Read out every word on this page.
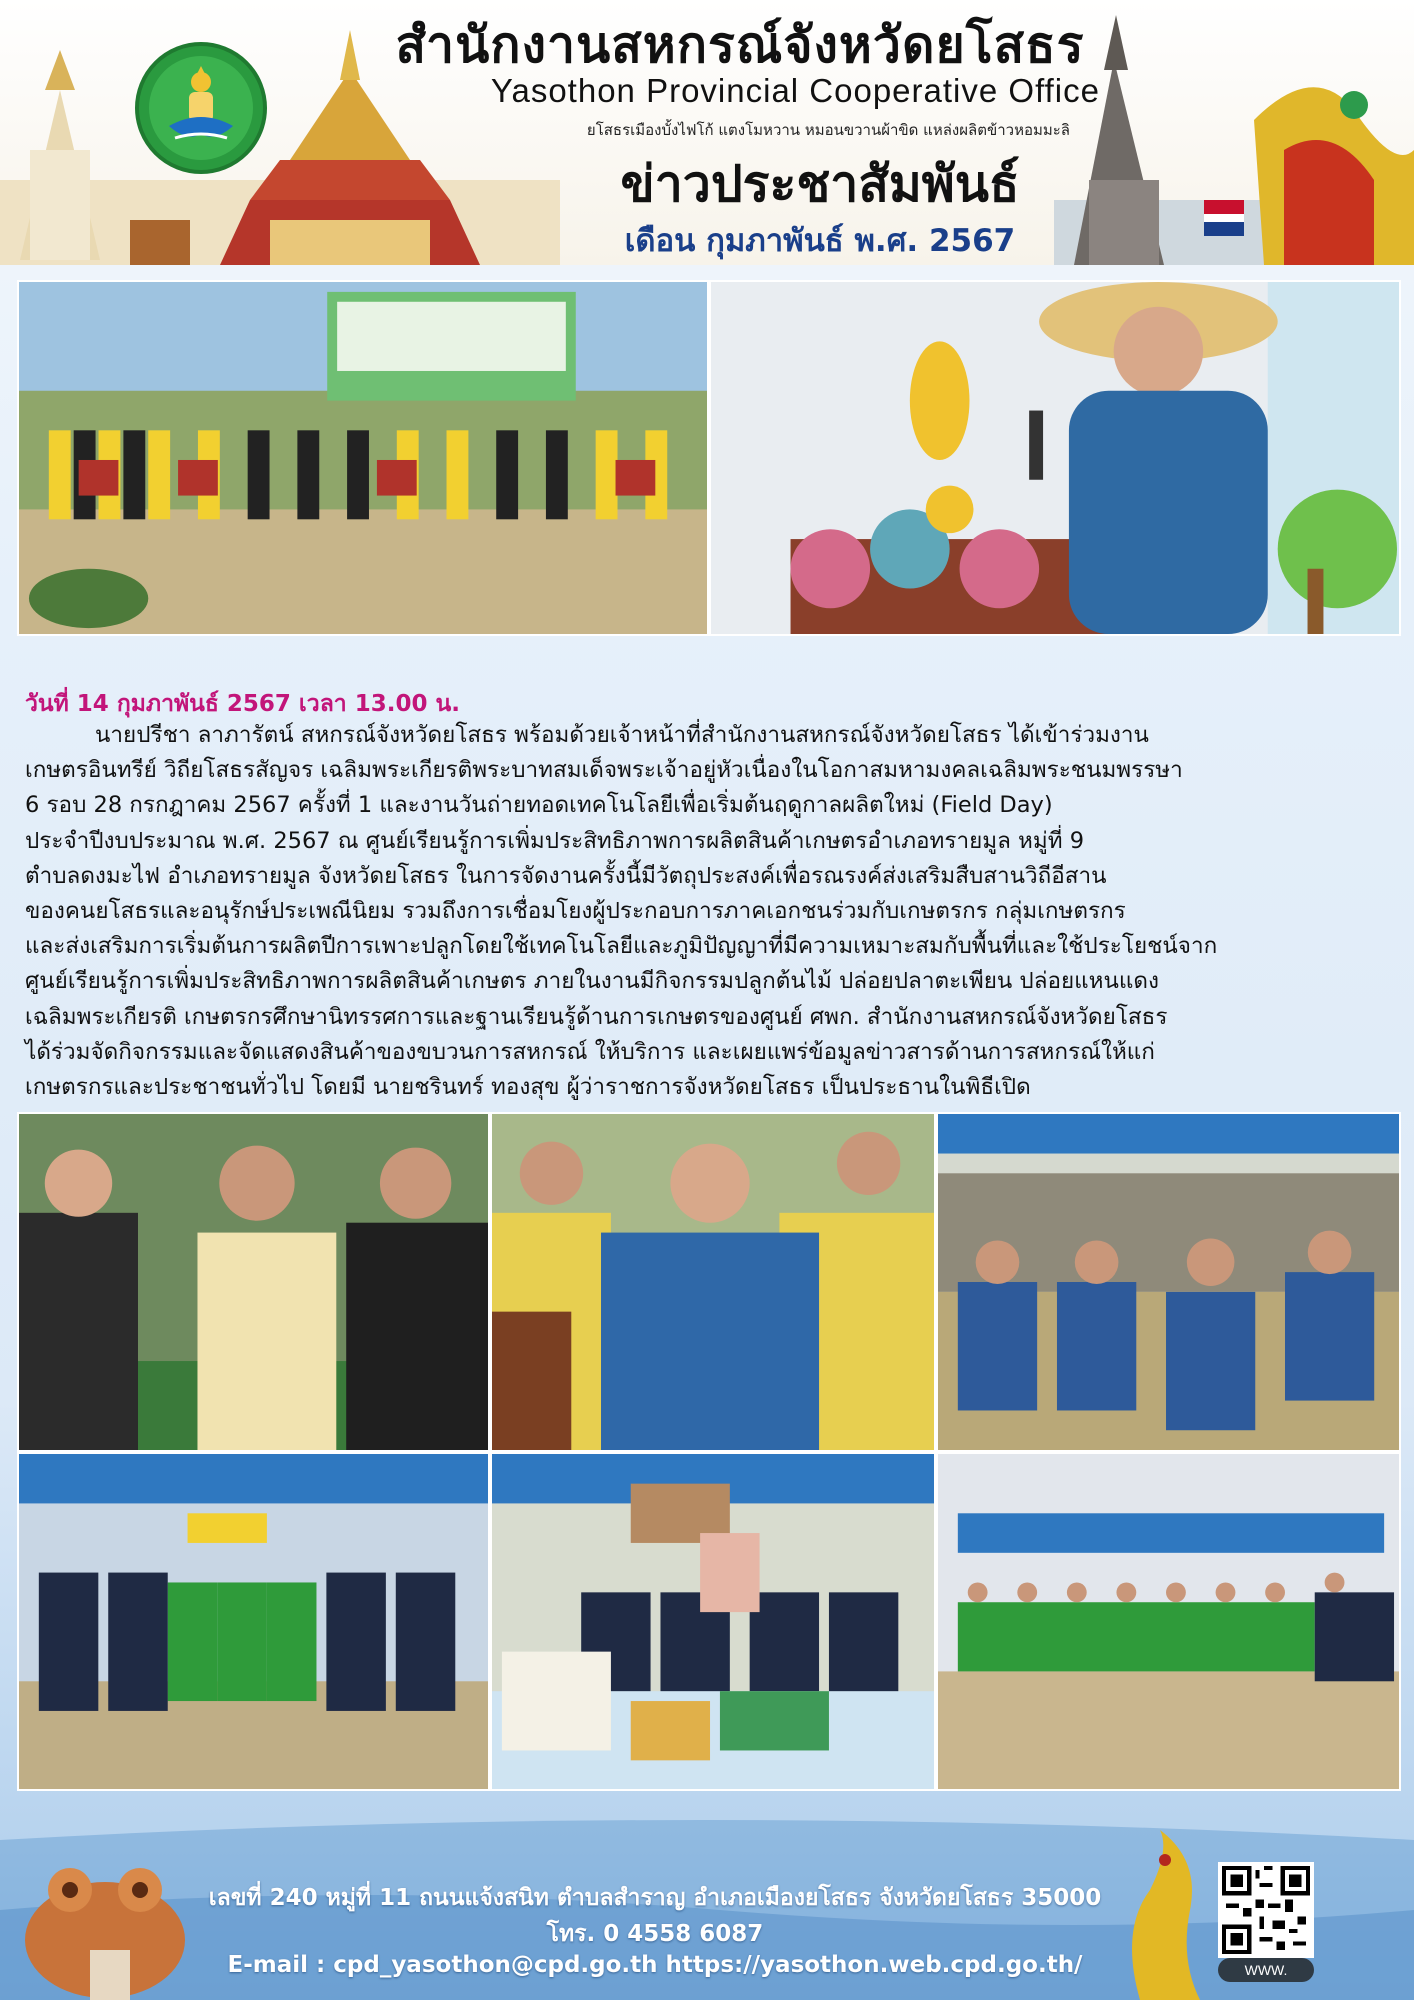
สำนักงานสหกรณ์จังหวัดยโสธร
Yasothon Provincial Cooperative Office
ยโสธรเมืองบั้งไฟโก้ แตงโมหวาน หมอนขวานผ้าขิด แหล่งผลิตข้าวหอมมะลิ
ข่าวประชาสัมพันธ์
เดือน กุมภาพันธ์ พ.ศ. 2567
วันที่ 14 กุมภาพันธ์ 2567 เวลา 13.00 น.

นายปรีชา ลาภารัตน์ สหกรณ์จังหวัดยโสธร พร้อมด้วยเจ้าหน้าที่สำนักงานสหกรณ์จังหวัดยโสธร ได้เข้าร่วมงาน

เกษตรอินทรีย์ วิถียโสธรสัญจร เฉลิมพระเกียรติพระบาทสมเด็จพระเจ้าอยู่หัวเนื่องในโอกาสมหามงคลเฉลิมพระชนมพรรษา

6 รอบ 28 กรกฎาคม 2567 ครั้งที่ 1 และงานวันถ่ายทอดเทคโนโลยีเพื่อเริ่มต้นฤดูกาลผลิตใหม่ (Field Day)

ประจำปีงบประมาณ พ.ศ. 2567 ณ ศูนย์เรียนรู้การเพิ่มประสิทธิภาพการผลิตสินค้าเกษตรอำเภอทรายมูล หมู่ที่ 9

ตำบลดงมะไฟ อำเภอทรายมูล จังหวัดยโสธร ในการจัดงานครั้งนี้มีวัตถุประสงค์เพื่อรณรงค์ส่งเสริมสืบสานวิถีอีสาน

ของคนยโสธรและอนุรักษ์ประเพณีนิยม รวมถึงการเชื่อมโยงผู้ประกอบการภาคเอกชนร่วมกับเกษตรกร กลุ่มเกษตรกร

และส่งเสริมการเริ่มต้นการผลิตปีการเพาะปลูกโดยใช้เทคโนโลยีและภูมิปัญญาที่มีความเหมาะสมกับพื้นที่และใช้ประโยชน์จาก

ศูนย์เรียนรู้การเพิ่มประสิทธิภาพการผลิตสินค้าเกษตร ภายในงานมีกิจกรรมปลูกต้นไม้ ปล่อยปลาตะเพียน ปล่อยแหนแดง

เฉลิมพระเกียรติ เกษตรกรศึกษานิทรรศการและฐานเรียนรู้ด้านการเกษตรของศูนย์ ศพก. สำนักงานสหกรณ์จังหวัดยโสธร

ได้ร่วมจัดกิจกรรมและจัดแสดงสินค้าของขบวนการสหกรณ์ ให้บริการ และเผยแพร่ข้อมูลข่าวสารด้านการสหกรณ์ให้แก่

เกษตรกรและประชาชนทั่วไป โดยมี นายชรินทร์ ทองสุข ผู้ว่าราชการจังหวัดยโสธร เป็นประธานในพิธีเปิด

เลขที่ 240 หมู่ที่ 11 ถนนแจ้งสนิท ตำบลสำราญ อำเภอเมืองยโสธร จังหวัดยโสธร 35000
โทร. 0 4558 6087
E-mail : cpd_yasothon@cpd.go.th https://yasothon.web.cpd.go.th/	WWW.
